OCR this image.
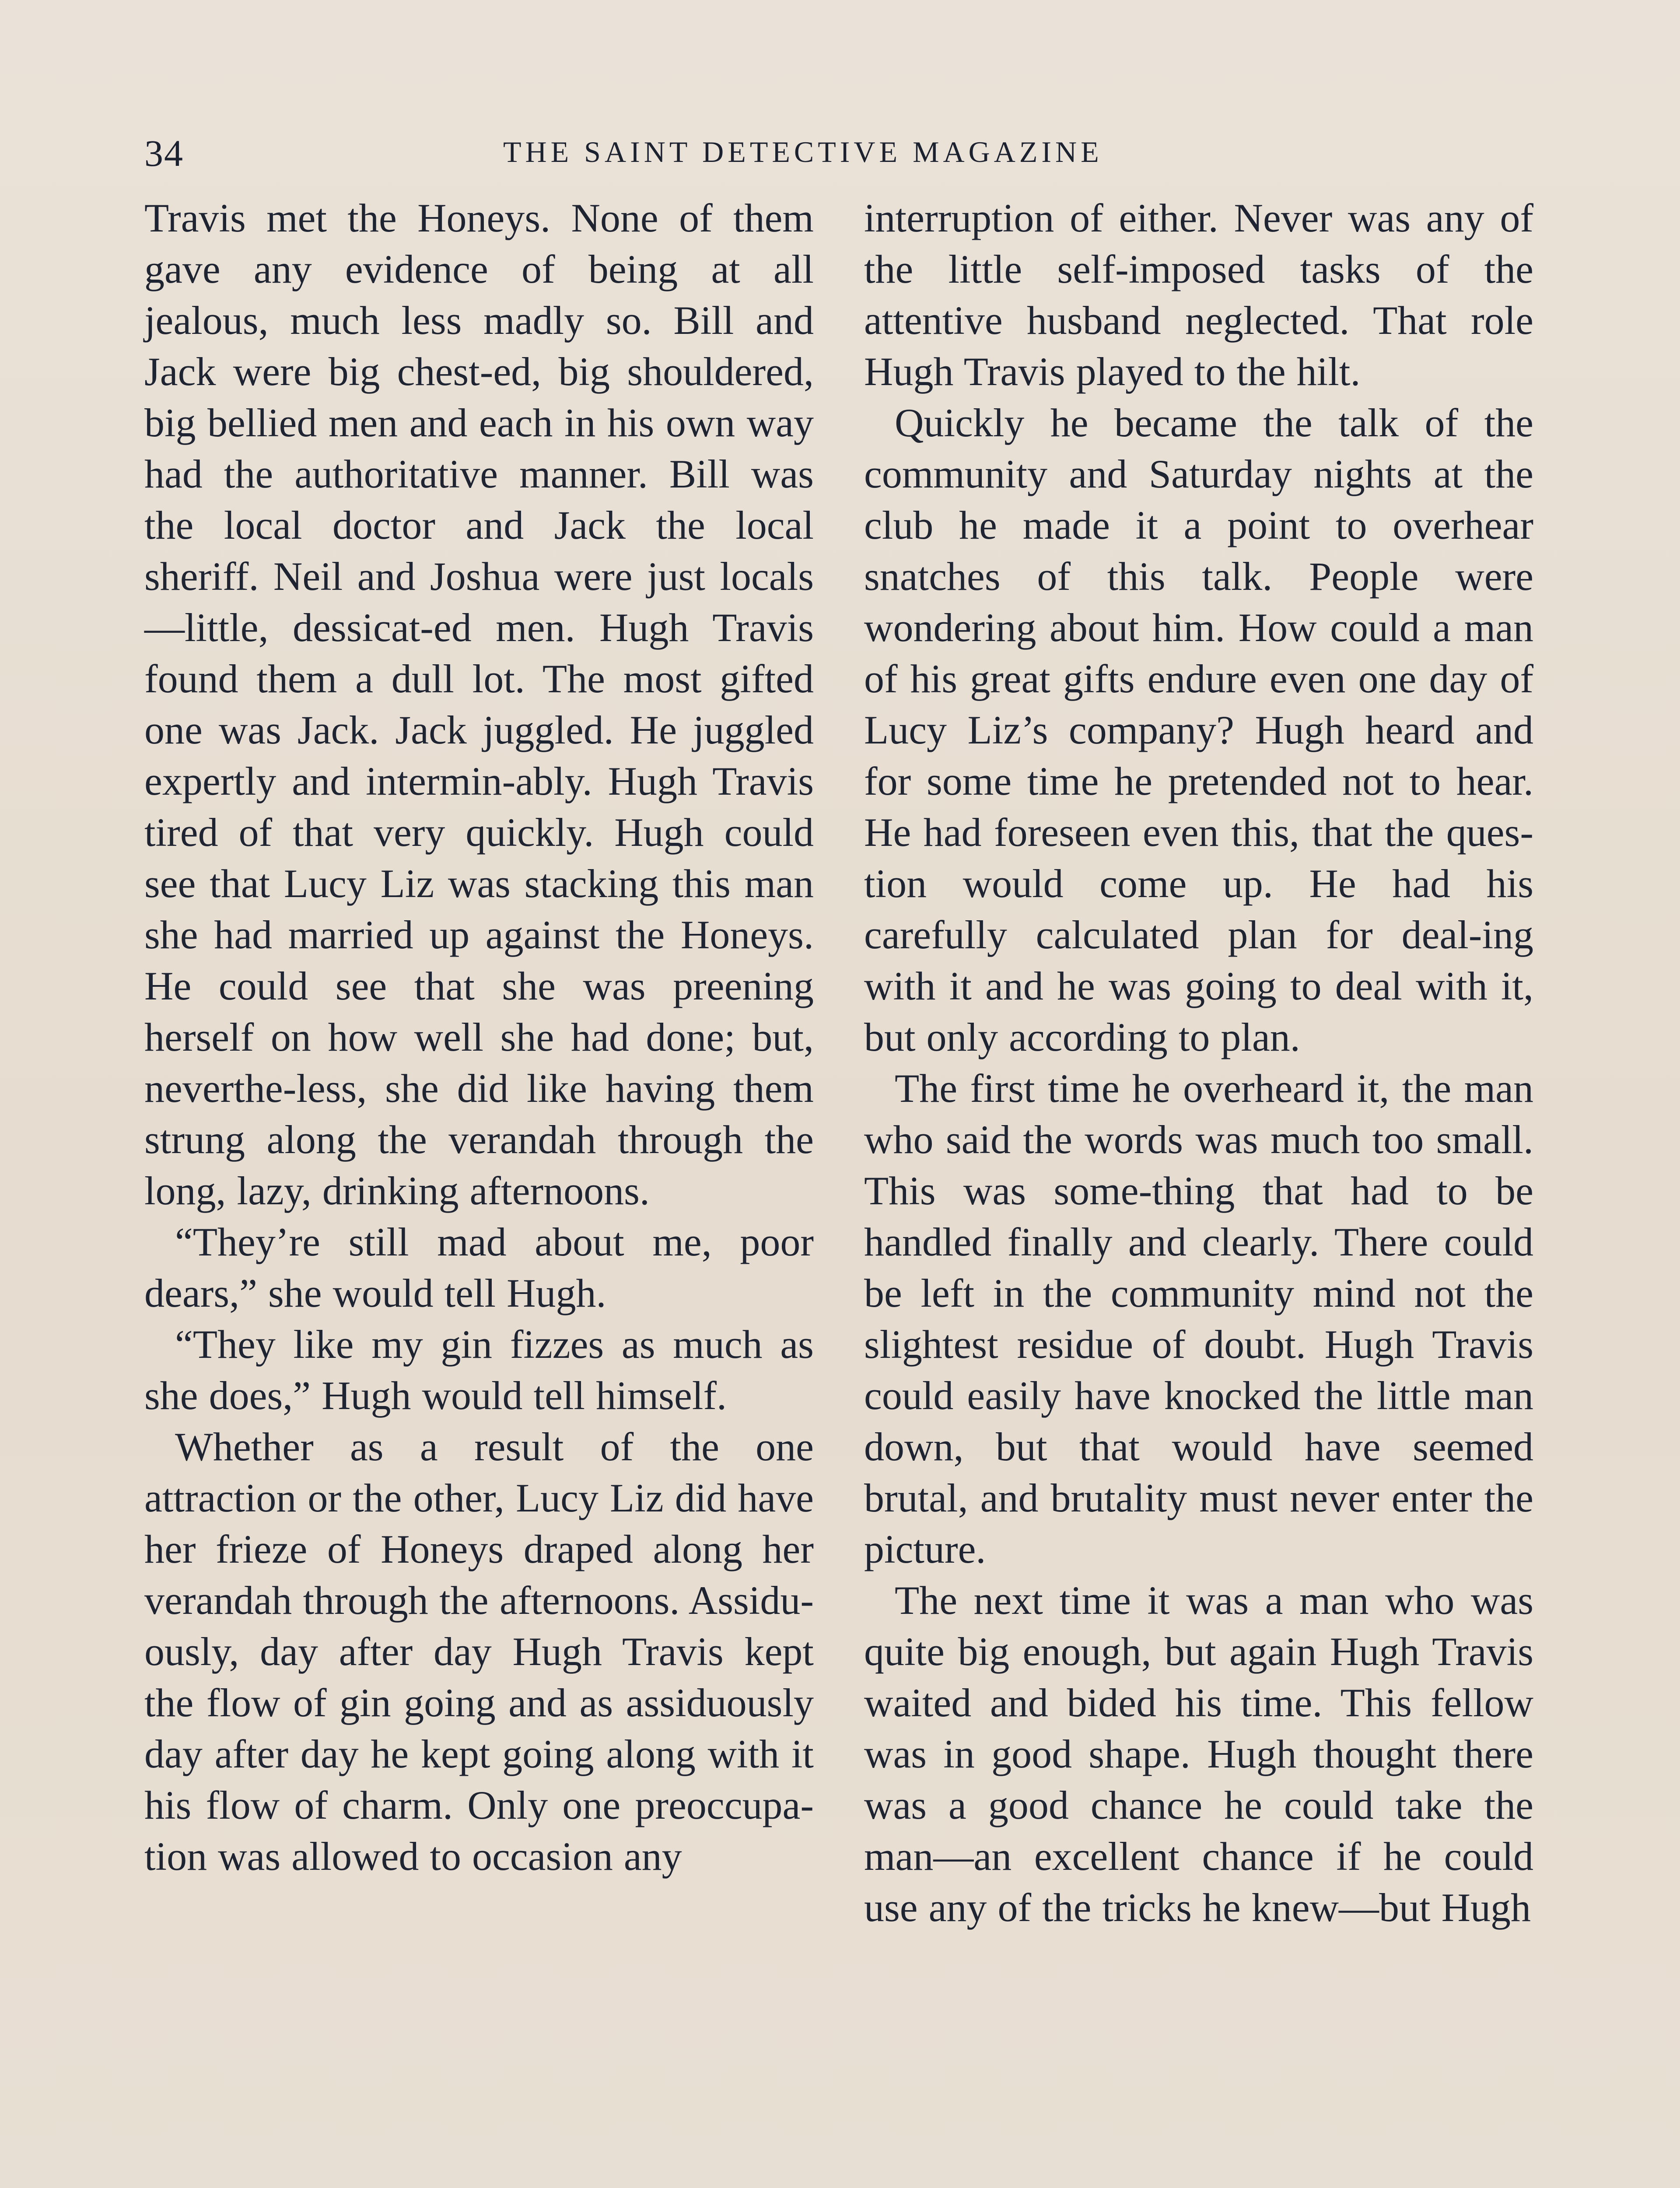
34	THE SAINT DETECTIVE MAGAZINE

Travis met the Honeys. None of them gave any evidence of being at all jealous, much less madly so. Bill and Jack were big chest-ed, big shouldered, big bellied men and each in his own way had the authoritative manner. Bill was the local doctor and Jack the local sheriff. Neil and Joshua were just locals—little, dessicat-ed men. Hugh Travis found them a dull lot. The most gifted one was Jack. Jack juggled. He juggled expertly and intermin-ably. Hugh Travis tired of that very quickly. Hugh could see that Lucy Liz was stacking this man she had married up against the Honeys. He could see that she was preening herself on how well she had done; but, neverthe-less, she did like having them strung along the verandah through the long, lazy, drinking afternoons.

“They’re still mad about me, poor dears,” she would tell Hugh.

“They like my gin fizzes as much as she does,” Hugh would tell himself.

Whether as a result of the one attraction or the other, Lucy Liz did have her frieze of Honeys draped along her verandah through the afternoons. Assidu-ously, day after day Hugh Travis kept the flow of gin going and as assiduously day after day he kept going along with it his flow of charm. Only one preoccupa-tion was allowed to occasion any

interruption of either. Never was any of the little self-imposed tasks of the attentive husband neglected. That role Hugh Travis played to the hilt.

Quickly he became the talk of the community and Saturday nights at the club he made it a point to overhear snatches of this talk. People were wondering about him. How could a man of his great gifts endure even one day of Lucy Liz’s company? Hugh heard and for some time he pretended not to hear. He had foreseen even this, that the ques-tion would come up. He had his carefully calculated plan for deal-ing with it and he was going to deal with it, but only according to plan.

The first time he overheard it, the man who said the words was much too small. This was some-thing that had to be handled finally and clearly. There could be left in the community mind not the slightest residue of doubt. Hugh Travis could easily have knocked the little man down, but that would have seemed brutal, and brutality must never enter the picture.

The next time it was a man who was quite big enough, but again Hugh Travis waited and bided his time. This fellow was in good shape. Hugh thought there was a good chance he could take the man—an excellent chance if he could use any of the tricks he knew—but Hugh
